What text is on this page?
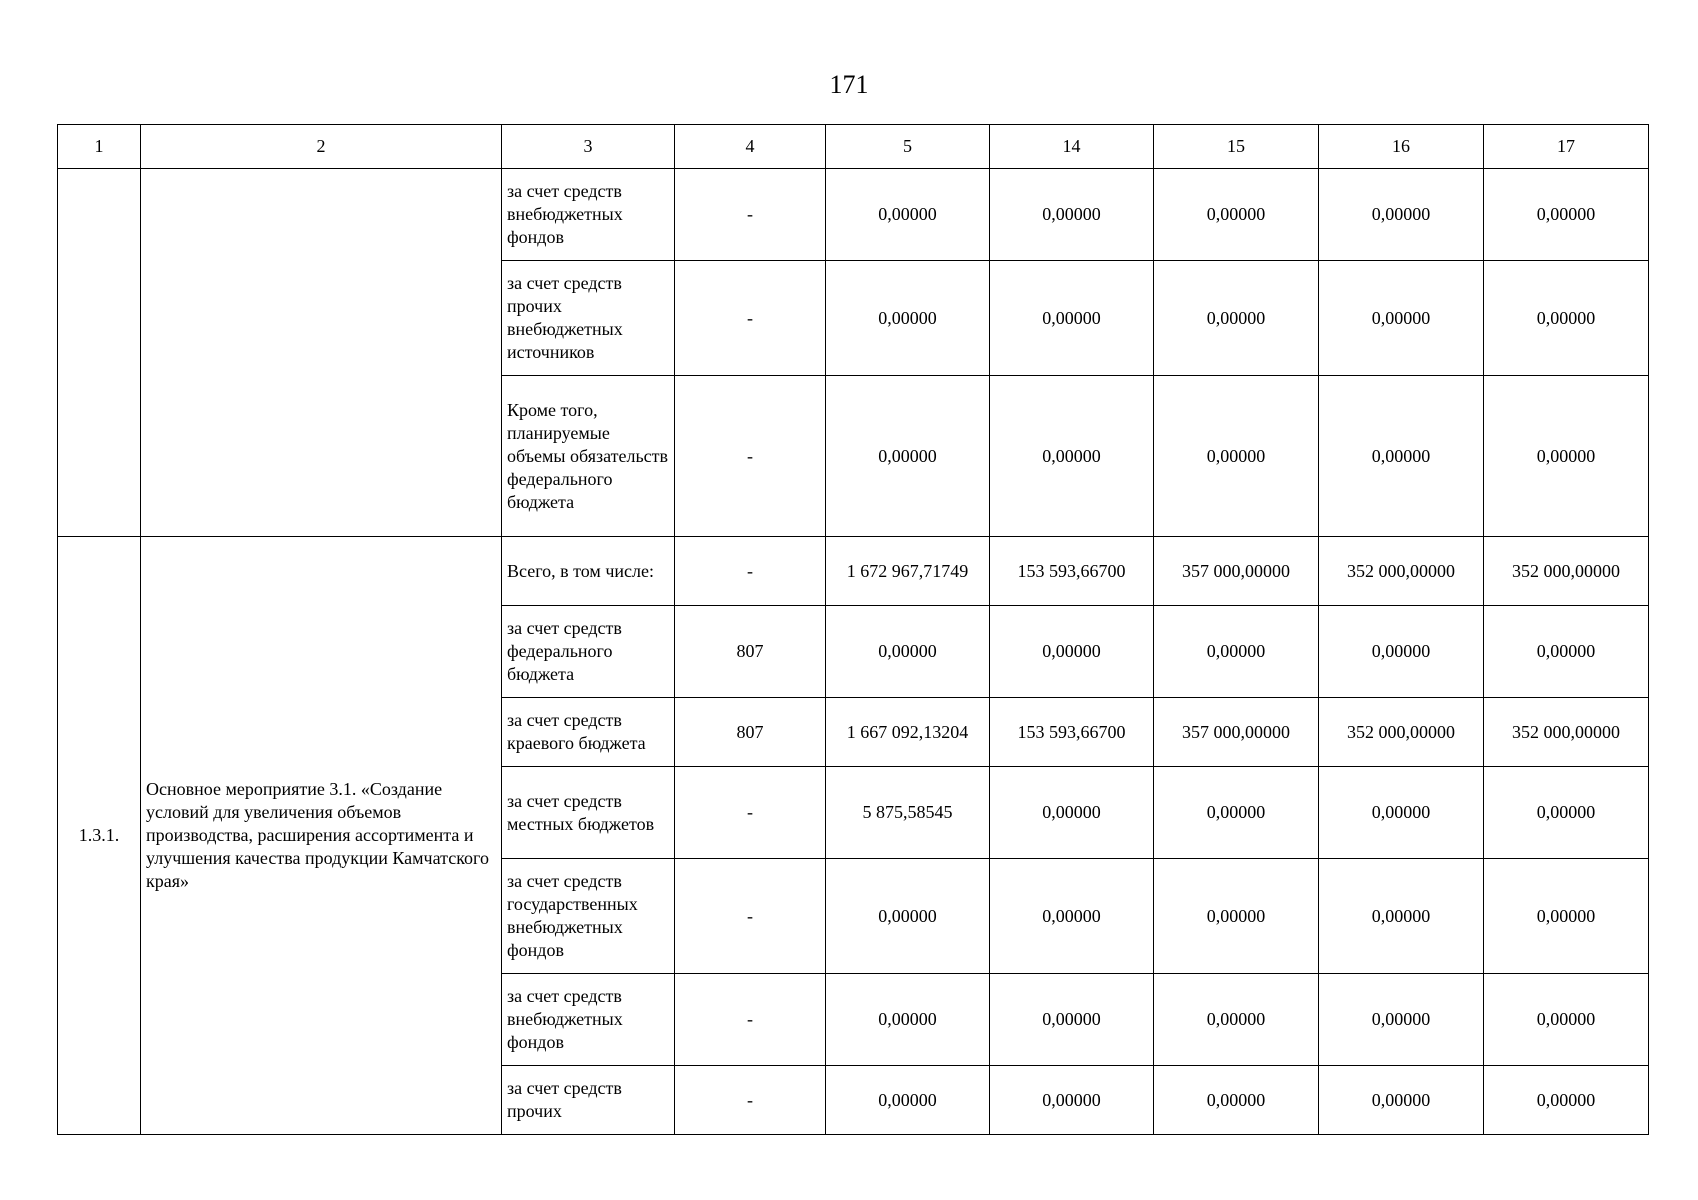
171
1	2	3	4	5	14	15	16	17
		за счет средств внебюджетных фондов	-	0,00000	0,00000	0,00000	0,00000	0,00000
		за счет средств прочих внебюджетных источников	-	0,00000	0,00000	0,00000	0,00000	0,00000
		Кроме того, планируемые объемы обязательств федерального бюджета	-	0,00000	0,00000	0,00000	0,00000	0,00000
1.3.1.	Основное мероприятие 3.1. «Создание условий для увеличения объемов производства, расширения ассортимента и улучшения качества продукции Камчатского края»	Всего, в том числе:	-	1 672 967,71749	153 593,66700	357 000,00000	352 000,00000	352 000,00000
		за счет средств федерального бюджета	807	0,00000	0,00000	0,00000	0,00000	0,00000
		за счет средств краевого бюджета	807	1 667 092,13204	153 593,66700	357 000,00000	352 000,00000	352 000,00000
		за счет средств местных бюджетов	-	5 875,58545	0,00000	0,00000	0,00000	0,00000
		за счет средств государственных внебюджетных фондов	-	0,00000	0,00000	0,00000	0,00000	0,00000
		за счет средств внебюджетных фондов	-	0,00000	0,00000	0,00000	0,00000	0,00000
		за счет средств прочих	-	0,00000	0,00000	0,00000	0,00000	0,00000
